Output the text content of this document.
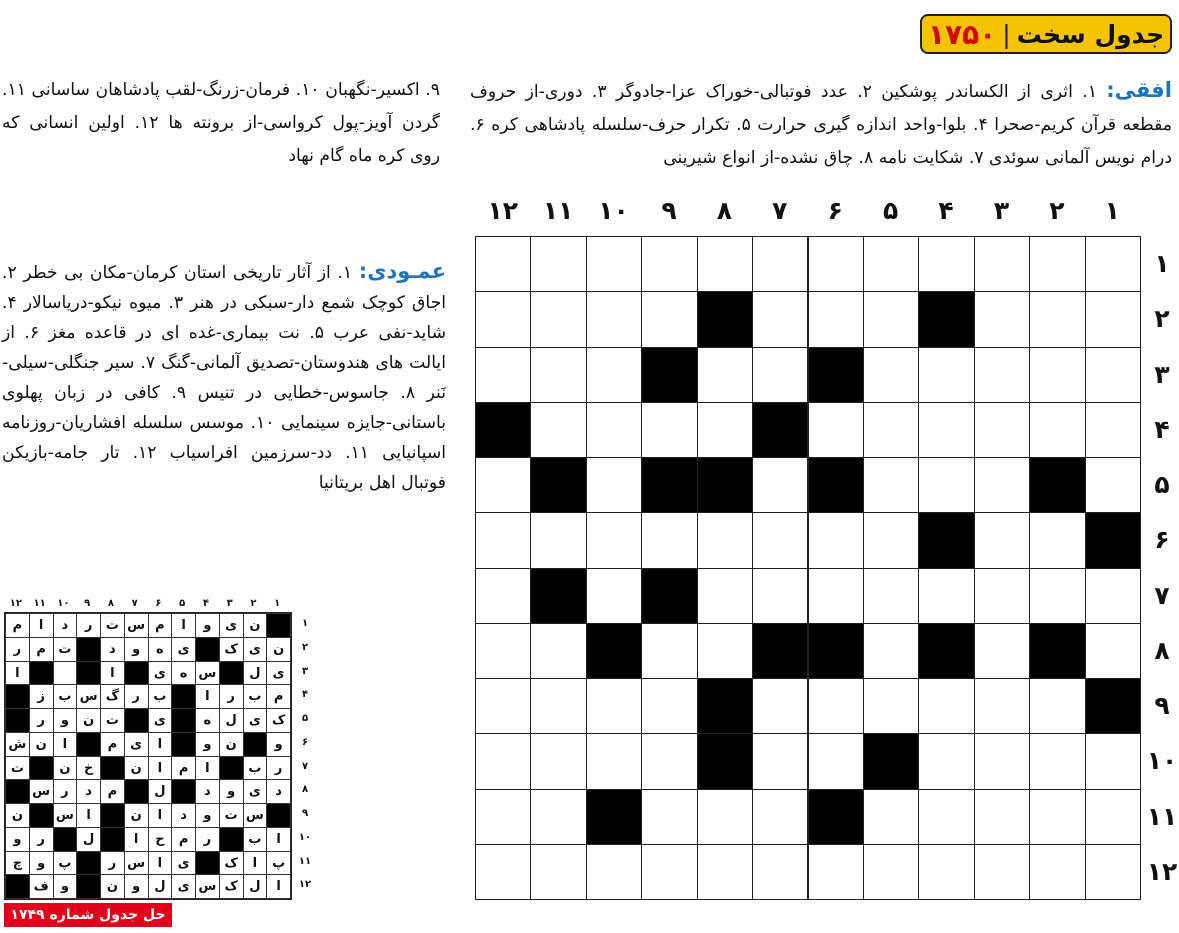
جدول سخت
|
۱۷۵۰
افقی: ۱. اثری از الکساندر پوشکین ۲. عدد فوتبالی-خوراک عزا-جادوگر ۳. دوری-از حروف مقطعه قرآن کریم-صحرا ۴. بلوا-واحد اندازه گیری حرارت ۵. تکرار حرف-سلسله پادشاهی کره ۶. درام نویس آلمانی سوئدی ۷. شکایت نامه ۸. چاق نشده-از انواع شیرینی
۹. اکسیر-نگهبان ۱۰. فرمان-زرنگ-لقب پادشاهان ساسانی ۱۱. گردن آویز-پول کرواسی-از برونته ها ۱۲. اولین انسانی که روی کره ماه گام نهاد
عمـودی: ۱. از آثار تاریخی استان کرمان-مکان بی خطر ۲. اجاق کوچک شمع دار-سبکی در هنر ۳. میوه نیکو-دریاسالار ۴. شاید-نفی عرب ۵. نت بیماری-غده ای در قاعده مغز ۶. از ایالت های هندوستان-تصدیق آلمانی-گنگ ۷. سیر جنگلی-سیلی-نَنر ۸. جاسوس-خطایی در تنیس ۹. کافی در زبان پهلوی باستانی-جایزه سینمایی ۱۰. موسس سلسله افشاریان-روزنامه اسپانیایی ۱۱. دد-سرزمین افراسیاب ۱۲. تار جامه-بازیکن فوتبال اهل بریتانیا
۱
۲
۳
۴
۵
۶
۷
۸
۹
۱۰
۱۱
۱۲
۱
۲
۳
۴
۵
۶
۷
۸
۹
۱۰
۱۱
۱۲
۱
۲
۳
۴
۵
۶
۷
۸
۹
۱۰
۱۱
۱۲
ن
ی
و
ا
م
س
ت
ر
د
ا
م
ن
ی
ک
ی
ه
و
د
ت
م
ر
ی
ل
س
ه
ی
ا
ا
م
ب
ر
ا
ب
ر
گ
س
ب
ز
ک
ی
ل
ه
ی
ت
ن
و
ر
و
ن
و
ا
ی
م
ا
ن
ش
ر
ب
ا
م
ا
ن
خ
ن
ت
د
ی
و
د
ل
م
د
ر
س
س
ت
و
د
ا
ن
ا
س
ن
ا
ب
ر
م
ح
ا
ل
ر
و
پ
ا
ک
ی
ا
س
ر
پ
و
چ
ا
ل
ک
س
ی
ل
و
ن
و
ف
۱
۲
۳
۴
۵
۶
۷
۸
۹
۱۰
۱۱
۱۲
حل جدول شماره ۱۷۴۹
